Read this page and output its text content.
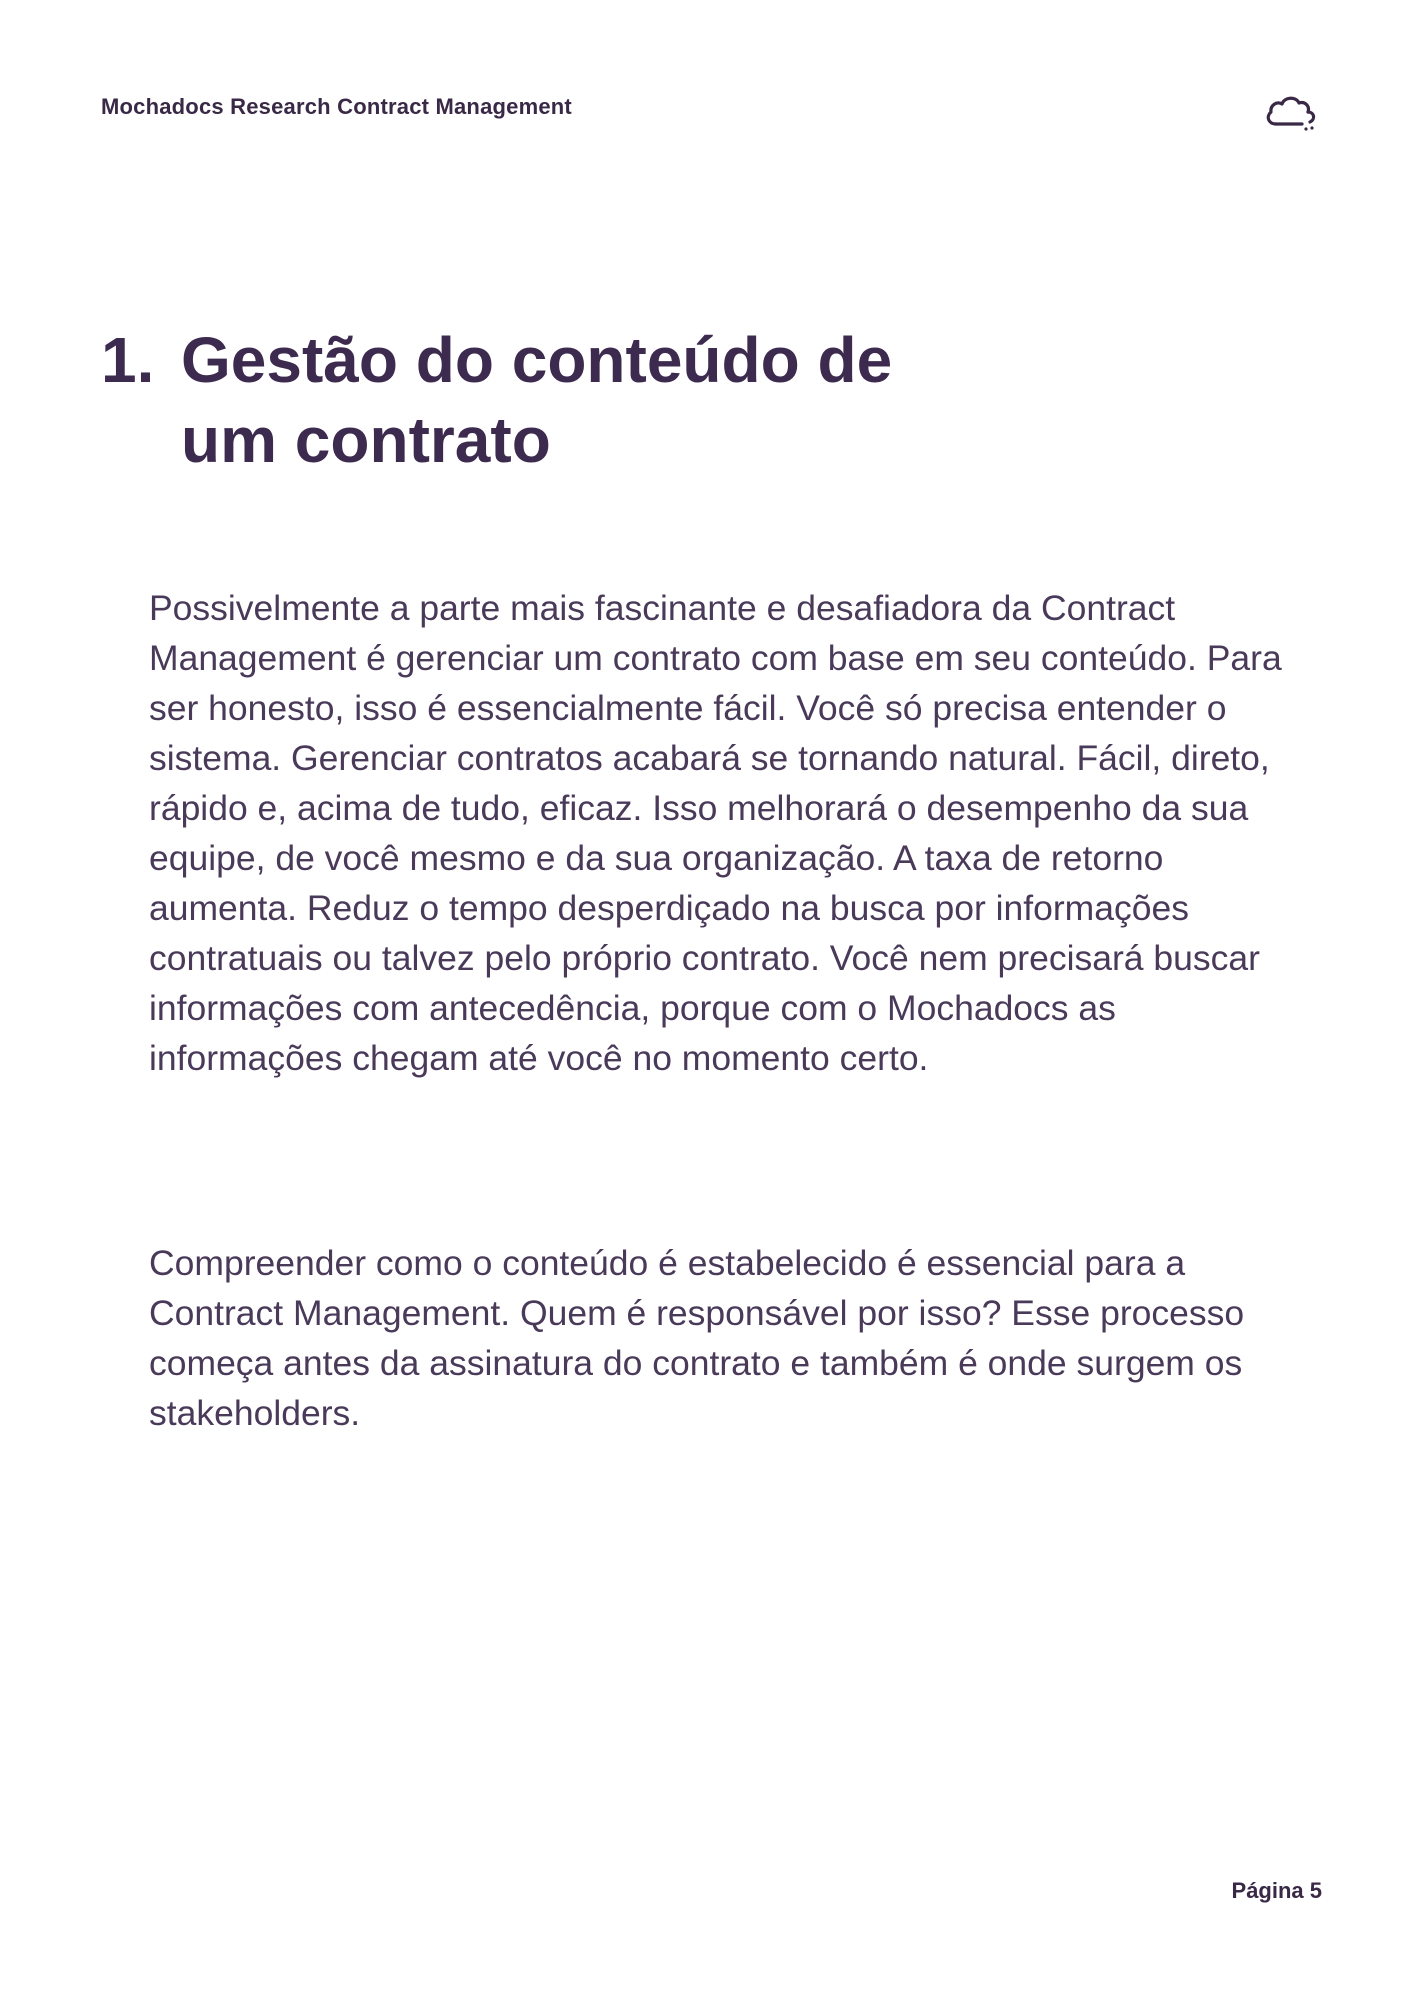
Mochadocs Research Contract Management
1. Gestão do conteúdo de um contrato

Possivelmente a parte mais fascinante e desafiadora da Contract Management é gerenciar um contrato com base em seu conteúdo. Para ser honesto, isso é essencialmente fácil. Você só precisa entender o sistema. Gerenciar contratos acabará se tornando natural. Fácil, direto, rápido e, acima de tudo, eficaz. Isso melhorará o desempenho da sua equipe, de você mesmo e da sua organização. A taxa de retorno aumenta. Reduz o tempo desperdiçado na busca por informações contratuais ou talvez pelo próprio contrato. Você nem precisará buscar informações com antecedência, porque com o Mochadocs as informações chegam até você no momento certo.

Compreender como o conteúdo é estabelecido é essencial para a Contract Management. Quem é responsável por isso? Esse processo começa antes da assinatura do contrato e também é onde surgem os stakeholders.

Página 5
